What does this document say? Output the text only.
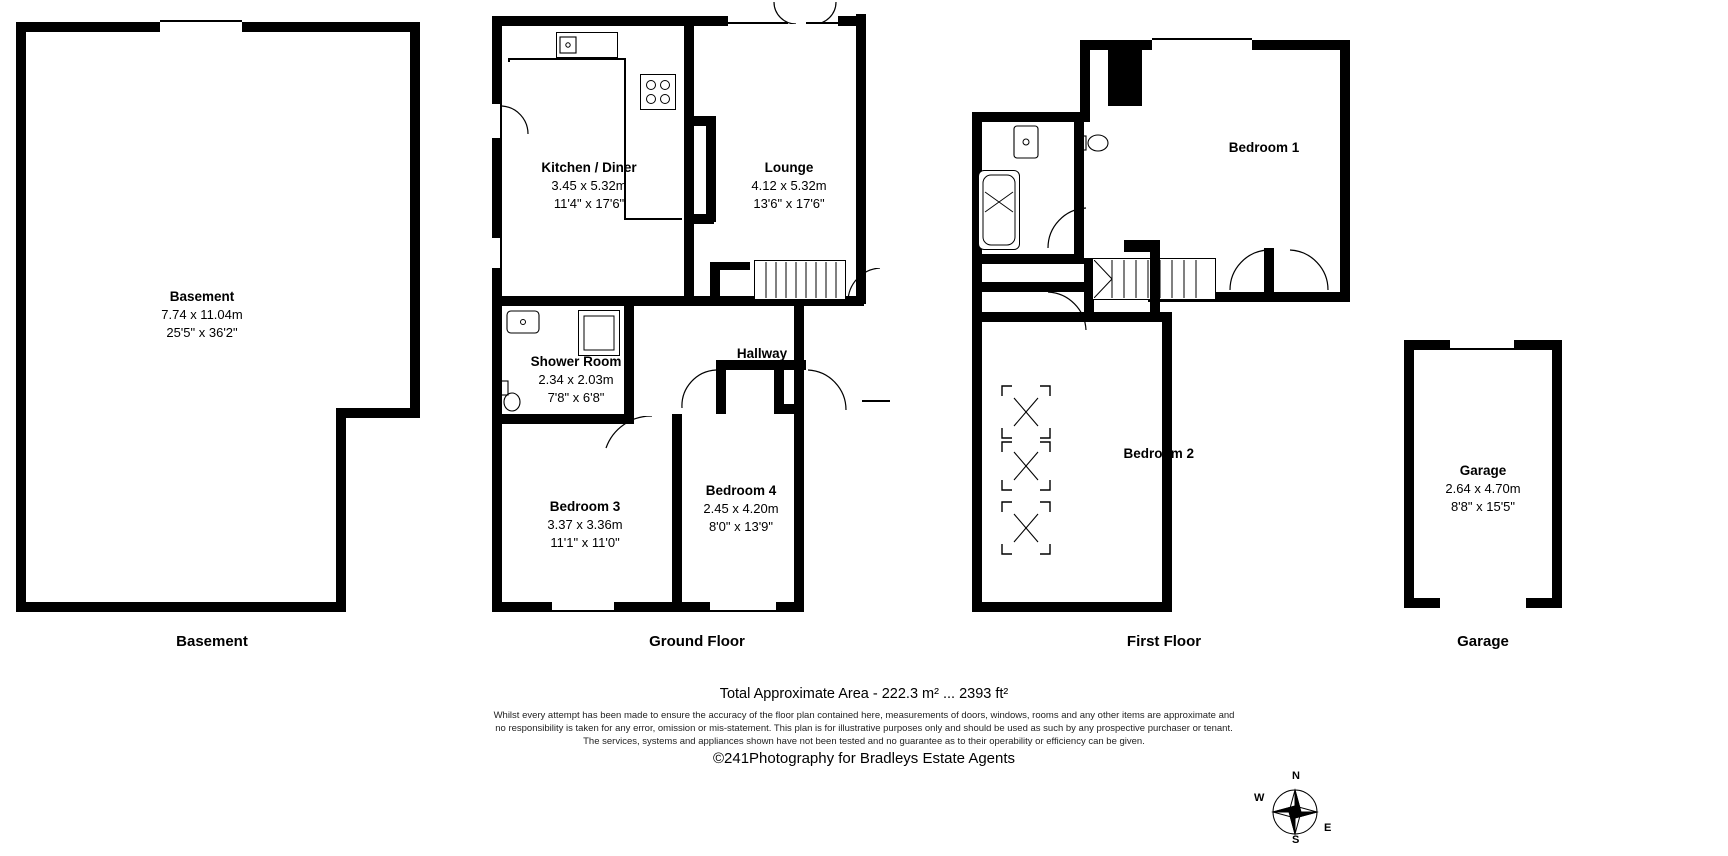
Basement
7.74 x 11.04m
25'5" x 36'2"
Basement
Kitchen / Diner
3.45 x 5.32m
11'4" x 17'6"
Lounge
4.12 x 5.32m
13'6" x 17'6"
Shower Room
2.34 x 2.03m
7'8" x 6'8"
Hallway
Bedroom 3
3.37 x 3.36m
11'1" x 11'0"
Bedroom 4
2.45 x 4.20m
8'0" x 13'9"
Ground Floor
Bedroom 1
Bedroom 2
First Floor
Garage
2.64 x 4.70m
8'8" x 15'5"
Garage
Total Approximate Area - 222.3 m² ... 2393 ft²
Whilst every attempt has been made to ensure the accuracy of the floor plan contained here, measurements of doors, windows, rooms and any other items are approximate and
no responsibility is taken for any error, omission or mis-statement. This plan is for illustrative purposes only and should be used as such by any prospective purchaser or tenant.
The services, systems and appliances shown have not been tested and no guarantee as to their operability or efficiency can be given.
©241Photography for Bradleys Estate Agents
N
E
S
W
